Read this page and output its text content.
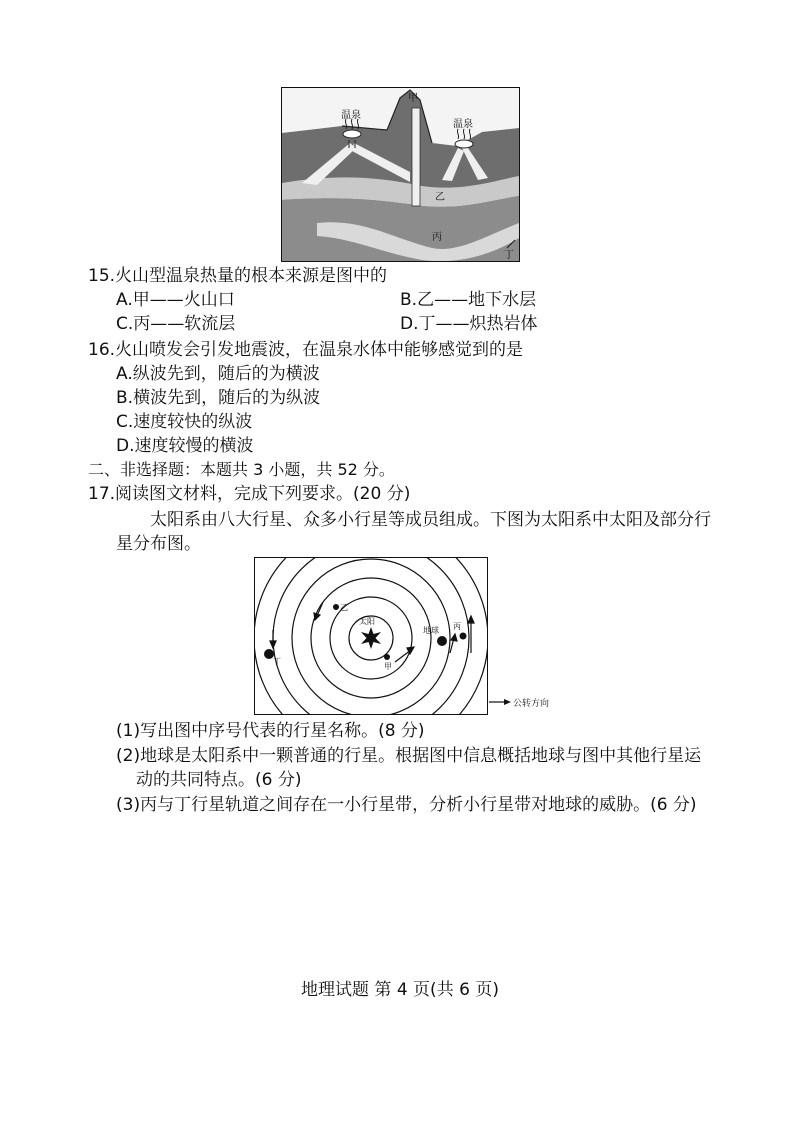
甲
温泉
温泉
乙
丙
丁
15.火山型温泉热量的根本来源是图中的
A.甲——火山口	B.乙——地下水层
C.丙——软流层	D.丁——炽热岩体
16.火山喷发会引发地震波，在温泉水体中能够感觉到的是
A.纵波先到，随后的为横波
B.横波先到，随后的为纵波
C.速度较快的纵波
D.速度较慢的横波
二、非选择题：本题共 3 小题，共 52 分。
17.阅读图文材料，完成下列要求。(20 分)
太阳系由八大行星、众多小行星等成员组成。下图为太阳系中太阳及部分行
星分布图。
太阳
地球 丙
丁
乙
甲
公转方向
(1)写出图中序号代表的行星名称。(8 分)
(2)地球是太阳系中一颗普通的行星。根据图中信息概括地球与图中其他行星运
动的共同特点。(6 分)
(3)丙与丁行星轨道之间存在一小行星带，分析小行星带对地球的威胁。(6 分)
地理试题 第 4 页(共 6 页)
